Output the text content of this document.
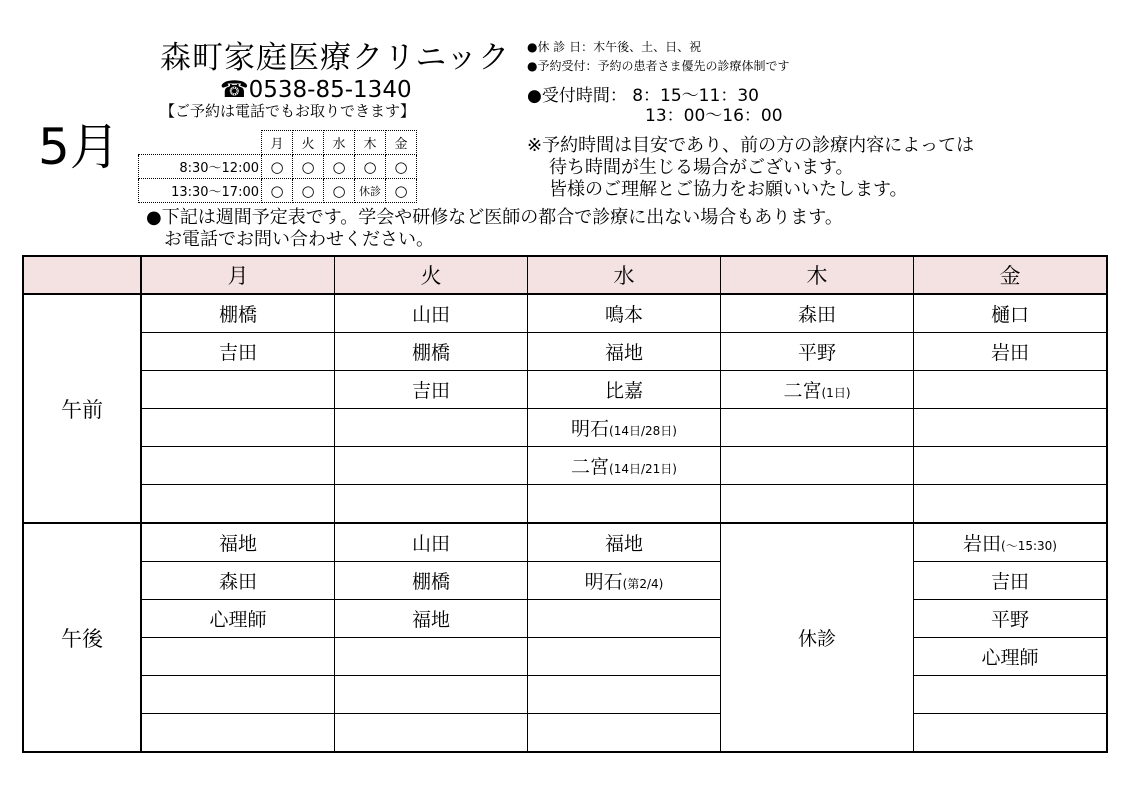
森町家庭医療クリニック
☎0538-85-1340
【ご予約は電話でもお取りできます】
5月
●休 診 日：木午後、土、日、祝
●予約受付：予約の患者さま優先の診療体制です
●受付時間： 8：15～11：30
13：00～16：00
※予約時間は目安であり、前の方の診療内容によっては
待ち時間が生じる場合がございます。
皆様のご理解とご協力をお願いいたします。
●下記は週間予定表です。学会や研修など医師の都合で診療に出ない場合もあります。
お電話でお問い合わせください。
	月	火	水	木	金
8:30～12:00	○	○	○	○	○
13:30～17:00	○	○	○	休診	○
	月	火	水	木	金
午前	棚橋	山田	鳴本	森田	樋口
	吉田	棚橋	福地	平野	岩田
		吉田	比嘉	二宮(1日)	
			明石(14日/28日)		
			二宮(14日/21日)		

午後	福地	山田	福地	休診	岩田(～15:30)
	森田	棚橋	明石(第2/4)		吉田
	心理師	福地			平野
					心理師
